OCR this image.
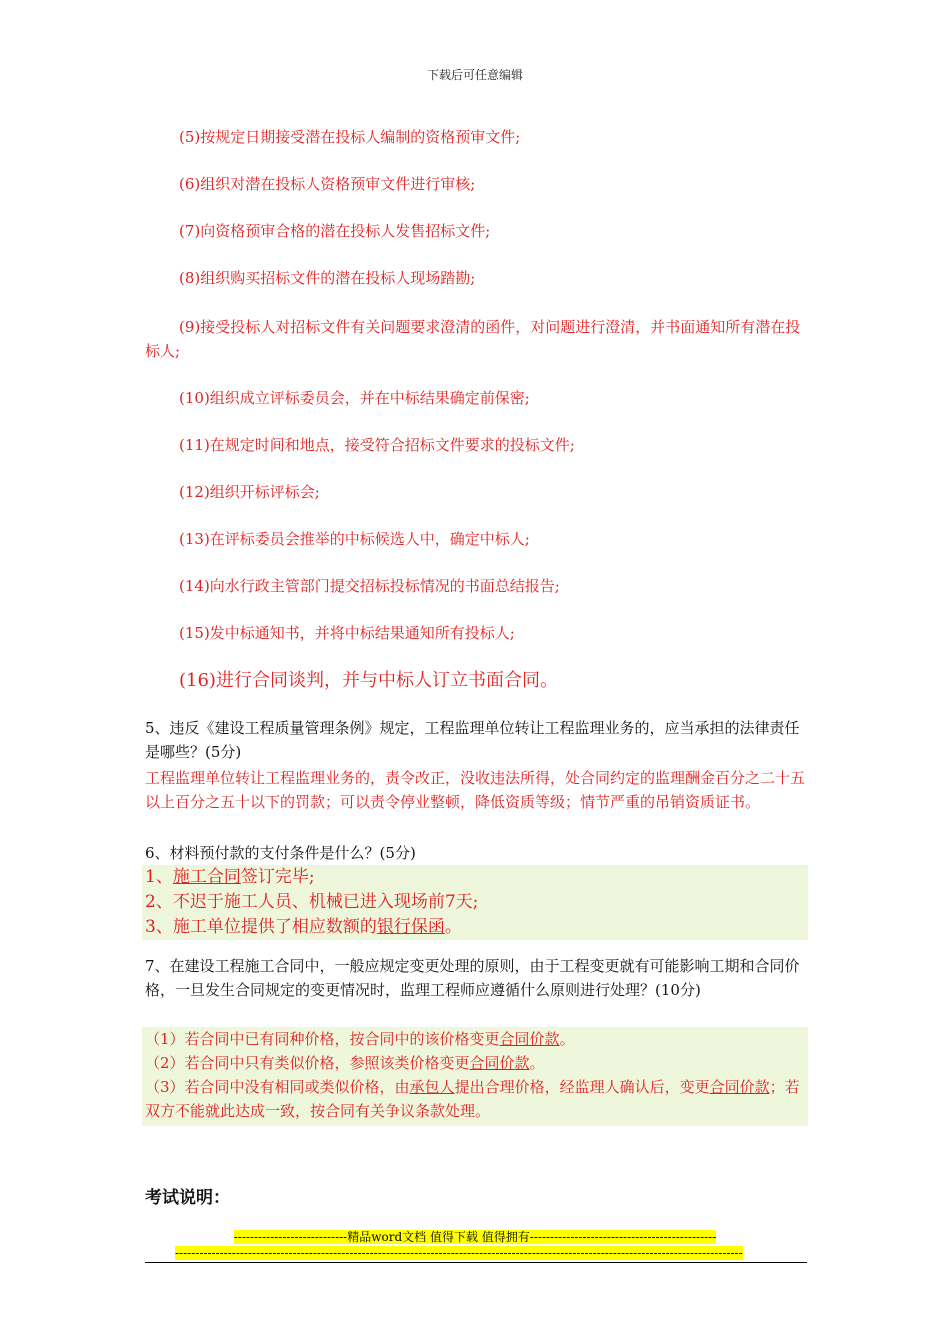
下载后可任意编辑
(5)按规定日期接受潜在投标人编制的资格预审文件;
(6)组织对潜在投标人资格预审文件进行审核;
(7)向资格预审合格的潜在投标人发售招标文件;
(8)组织购买招标文件的潜在投标人现场踏勘;
(9)接受投标人对招标文件有关问题要求澄清的函件，对问题进行澄清，并书面通知所有潜在投标人;
(10)组织成立评标委员会，并在中标结果确定前保密;
(11)在规定时间和地点，接受符合招标文件要求的投标文件;
(12)组织开标评标会;
(13)在评标委员会推举的中标候选人中，确定中标人;
(14)向水行政主管部门提交招标投标情况的书面总结报告;
(15)发中标通知书，并将中标结果通知所有投标人;
(16)进行合同谈判，并与中标人订立书面合同。
5、违反《建设工程质量管理条例》规定，工程监理单位转让工程监理业务的，应当承担的法律责任是哪些？(5分)
工程监理单位转让工程监理业务的，责令改正，没收违法所得，处合同约定的监理酬金百分之二十五以上百分之五十以下的罚款；可以责令停业整顿，降低资质等级；情节严重的吊销资质证书。
6、材料预付款的支付条件是什么？(5分)
1、施工合同签订完毕;
2、不迟于施工人员、机械已进入现场前7天;
3、施工单位提供了相应数额的银行保函。
7、在建设工程施工合同中，一般应规定变更处理的原则，由于工程变更就有可能影响工期和合同价格，一旦发生合同规定的变更情况时，监理工程师应遵循什么原则进行处理？(10分)
（1）若合同中已有同种价格，按合同中的该价格变更合同价款。
（2）若合同中只有类似价格，参照该类价格变更合同价款。
（3）若合同中没有相同或类似价格，由承包人提出合理价格，经监理人确认后，变更合同价款；若双方不能就此达成一致，按合同有关争议条款处理。
考试说明：
----------------------------精品word文档 值得下载 值得拥有----------------------------------------------
--------------------------------------------------------------------------------------------------------------------------------------------
